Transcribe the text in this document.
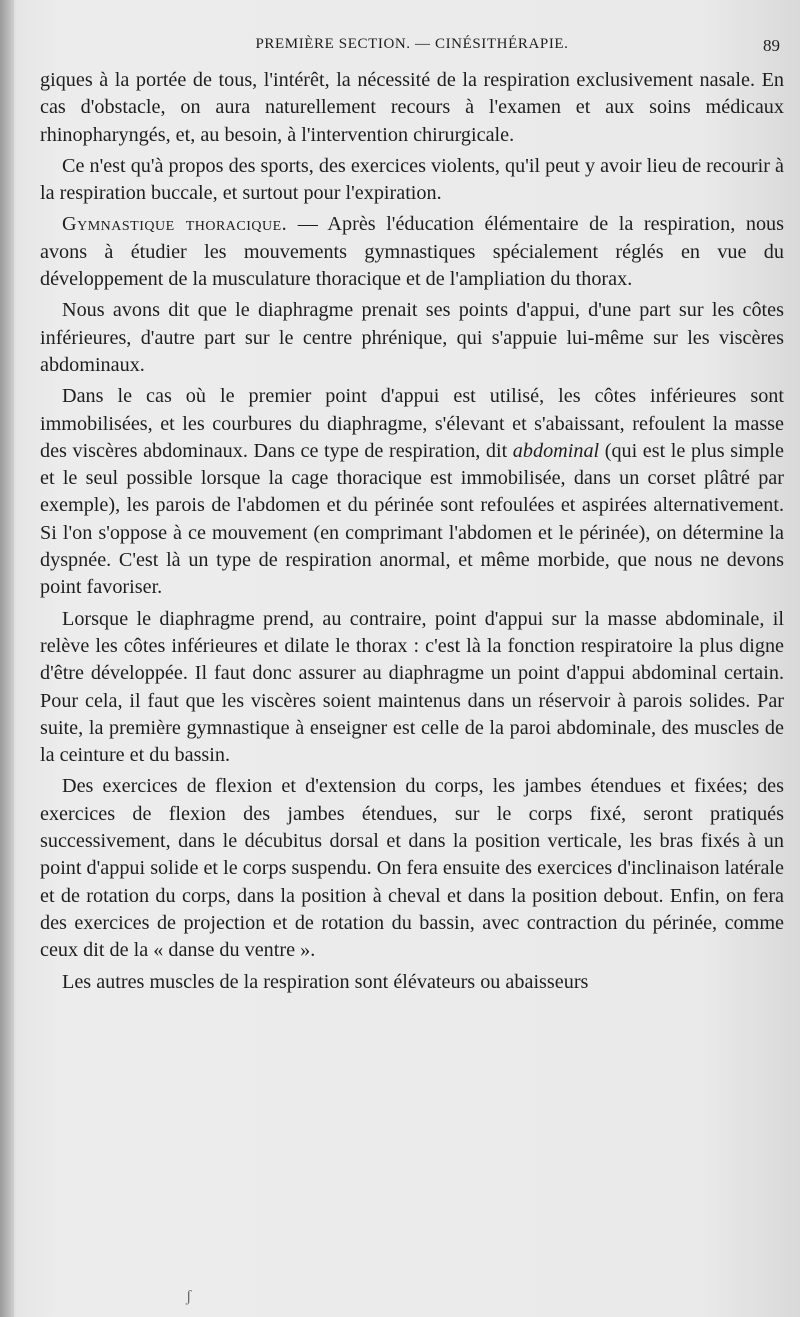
PREMIÈRE SECTION. — CINÉSITHÉRAPIE.	89

giques à la portée de tous, l'intérêt, la nécessité de la respiration exclusivement nasale. En cas d'obstacle, on aura naturellement recours à l'examen et aux soins médicaux rhinopharyngés, et, au besoin, à l'intervention chirurgicale.

Ce n'est qu'à propos des sports, des exercices violents, qu'il peut y avoir lieu de recourir à la respiration buccale, et surtout pour l'expiration.

Gymnastique thoracique. — Après l'éducation élémentaire de la respiration, nous avons à étudier les mouvements gymnastiques spécialement réglés en vue du développement de la musculature thoracique et de l'ampliation du thorax.

Nous avons dit que le diaphragme prenait ses points d'appui, d'une part sur les côtes inférieures, d'autre part sur le centre phrénique, qui s'appuie lui-même sur les viscères abdominaux.

Dans le cas où le premier point d'appui est utilisé, les côtes inférieures sont immobilisées, et les courbures du diaphragme, s'élevant et s'abaissant, refoulent la masse des viscères abdominaux. Dans ce type de respiration, dit abdominal (qui est le plus simple et le seul possible lorsque la cage thoracique est immobilisée, dans un corset plâtré par exemple), les parois de l'abdomen et du périnée sont refoulées et aspirées alternativement. Si l'on s'oppose à ce mouvement (en comprimant l'abdomen et le périnée), on détermine la dyspnée. C'est là un type de respiration anormal, et même morbide, que nous ne devons point favoriser.

Lorsque le diaphragme prend, au contraire, point d'appui sur la masse abdominale, il relève les côtes inférieures et dilate le thorax : c'est là la fonction respiratoire la plus digne d'être développée. Il faut donc assurer au diaphragme un point d'appui abdominal certain. Pour cela, il faut que les viscères soient maintenus dans un réservoir à parois solides. Par suite, la première gymnastique à enseigner est celle de la paroi abdominale, des muscles de la ceinture et du bassin.

Des exercices de flexion et d'extension du corps, les jambes étendues et fixées; des exercices de flexion des jambes étendues, sur le corps fixé, seront pratiqués successivement, dans le décubitus dorsal et dans la position verticale, les bras fixés à un point d'appui solide et le corps suspendu. On fera ensuite des exercices d'inclinaison latérale et de rotation du corps, dans la position à cheval et dans la position debout. Enfin, on fera des exercices de projection et de rotation du bassin, avec contraction du périnée, comme ceux dit de la « danse du ventre ».

Les autres muscles de la respiration sont élévateurs ou abaisseurs

ʃ
